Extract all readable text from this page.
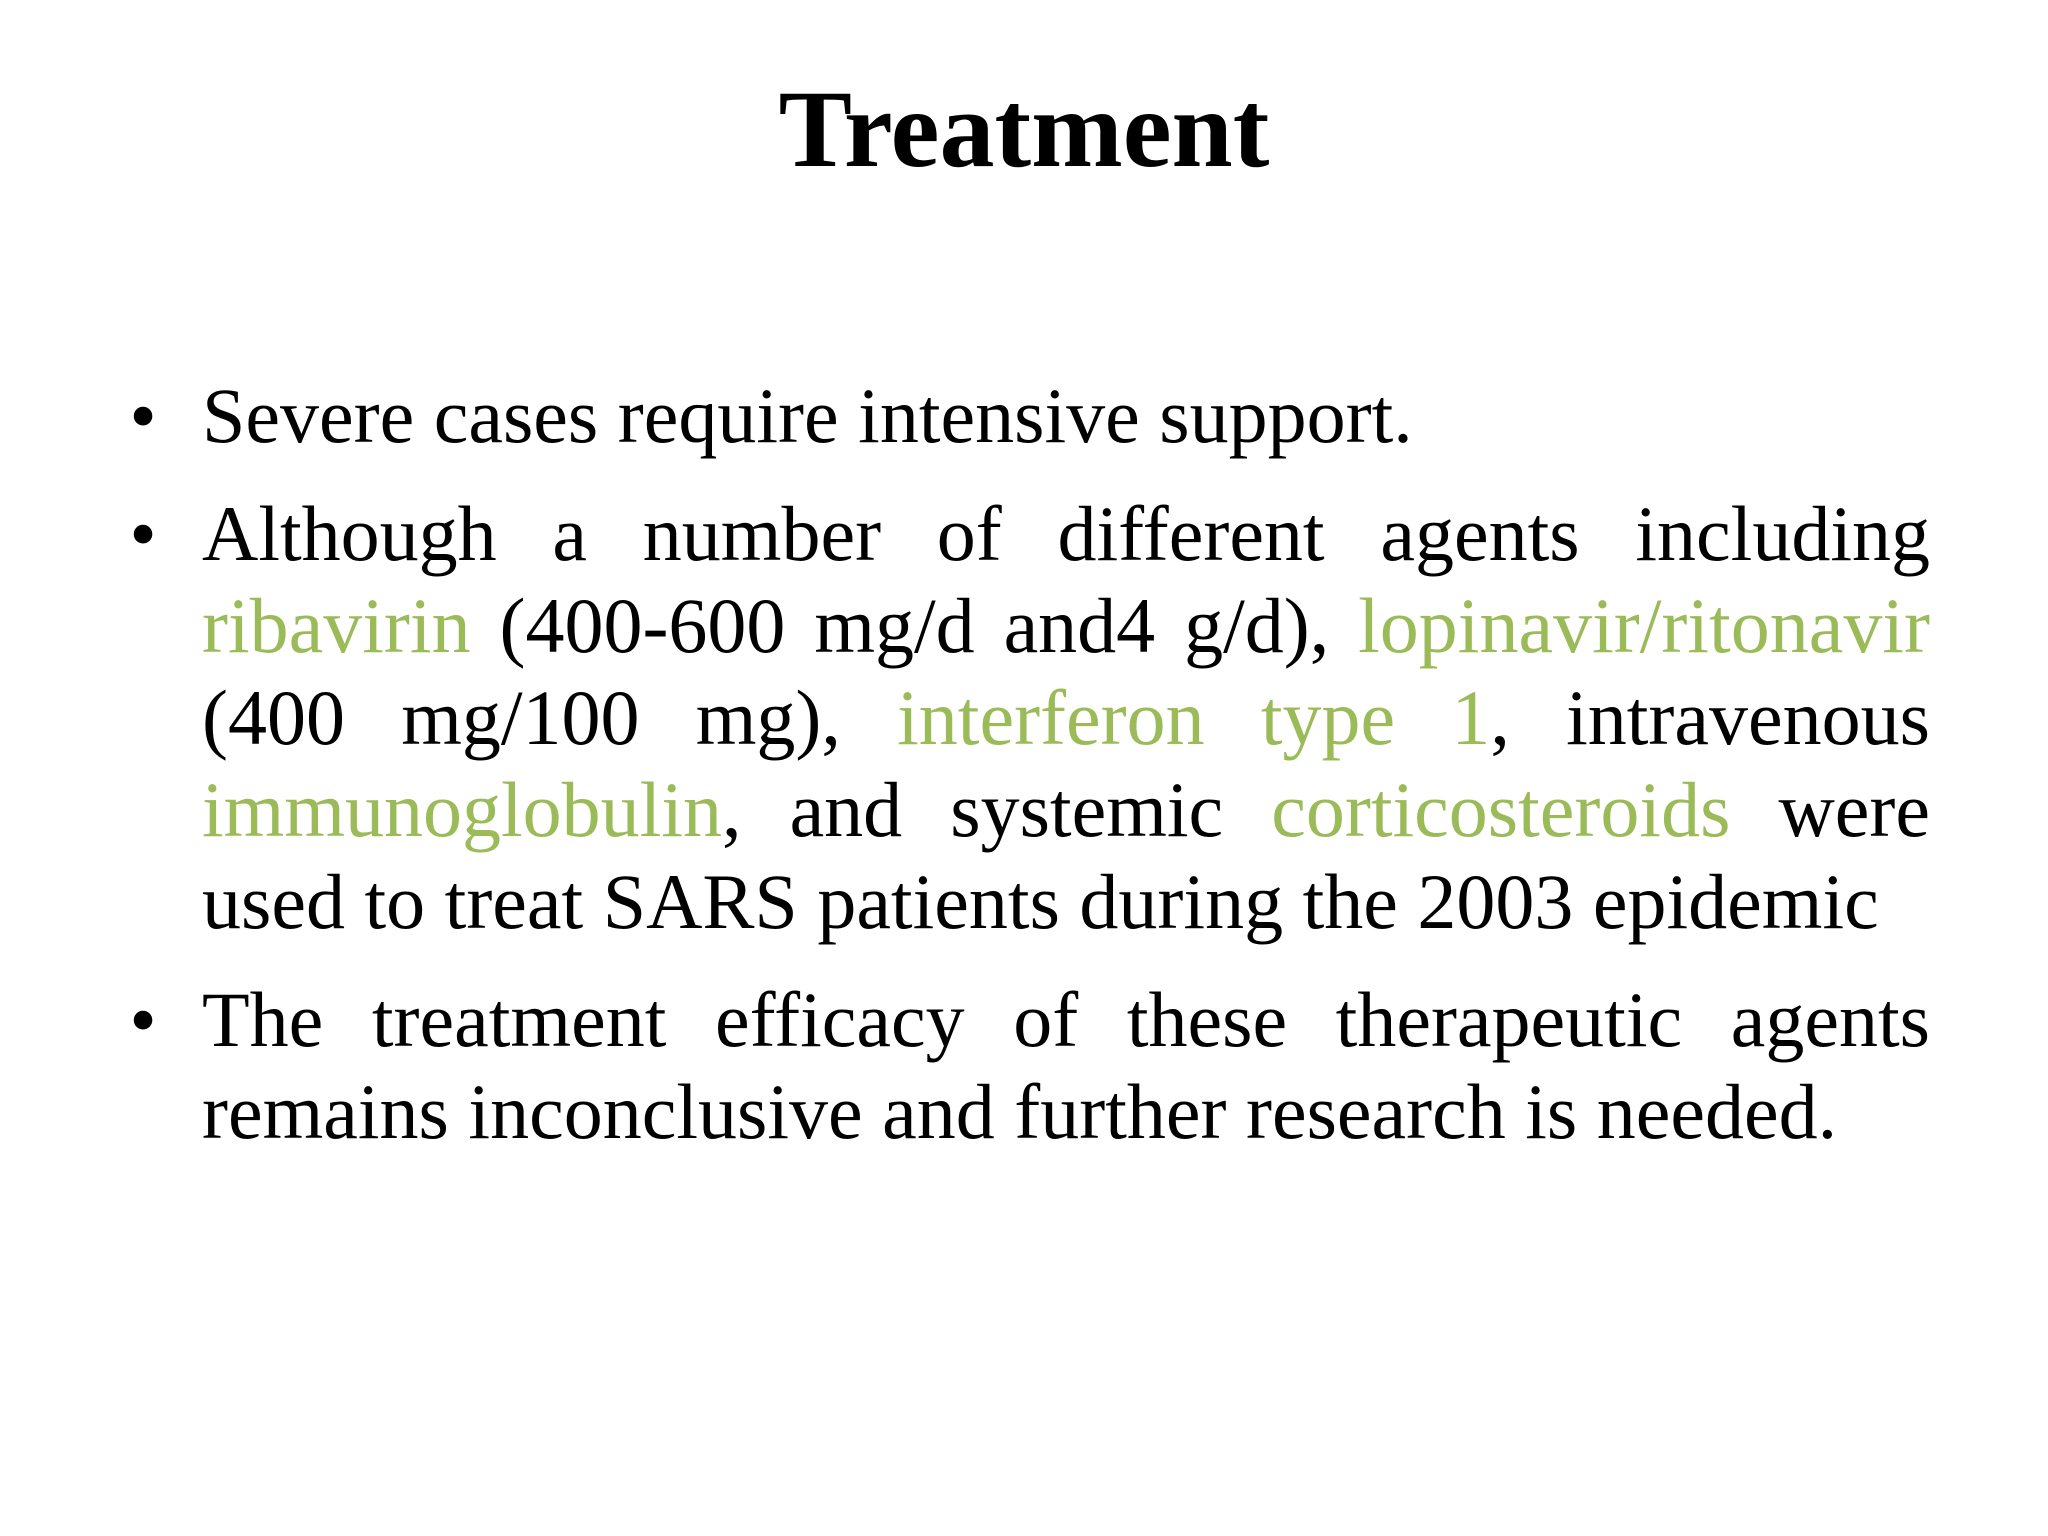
Treatment
• Severe cases require intensive support.
• Although a number of different agents including ribavirin (400-600 mg/d and4 g/d), lopinavir/ritonavir (400 mg/100 mg), interferon type 1, intravenous immunoglobulin, and systemic corticosteroids were used to treat SARS patients during the 2003 epidemic
• The treatment efficacy of these therapeutic agents remains inconclusive and further research is needed.
